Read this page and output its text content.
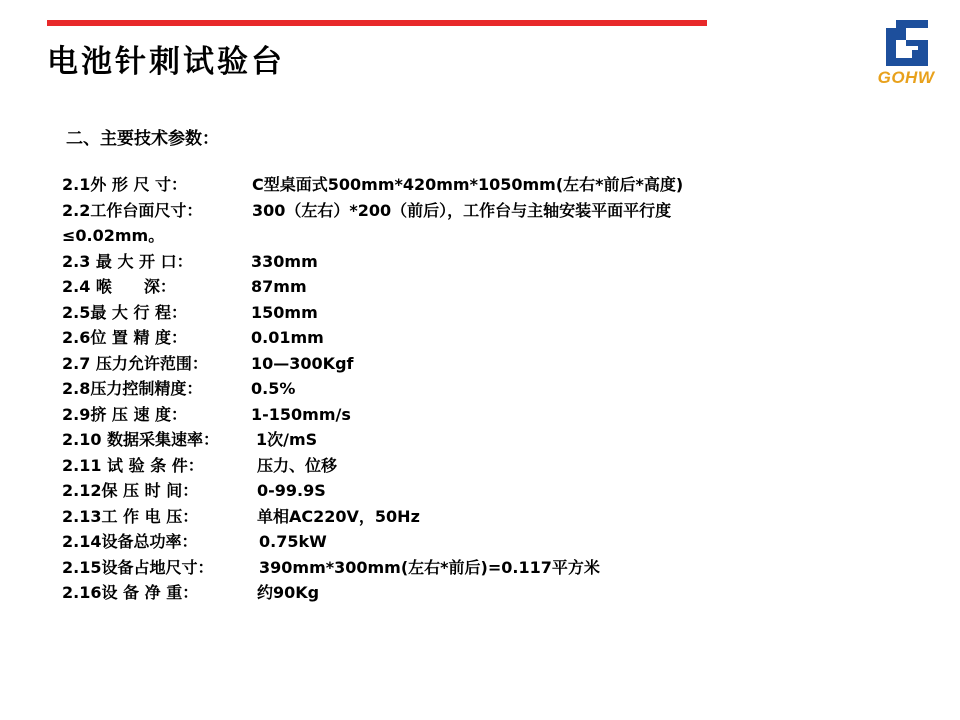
电池针刺试验台	GOHW
二、主要技术参数：
2.1外 形 尺 寸：	C型桌面式500mm*420mm*1050mm(左右*前后*高度)
2.2工作台面尺寸：	300（左右）*200（前后），工作台与主轴安装平面平行度
≤0.02mm。
2.3 最 大 开 口：	330mm
2.4 喉　　深：	87mm
2.5最 大 行 程：	150mm
2.6位 置 精 度：	0.01mm
2.7 压力允许范围：	10—300Kgf
2.8压力控制精度：	0.5%
2.9挤 压 速 度：	1-150mm/s
2.10 数据采集速率： 1次/mS
2.11 试 验 条 件：	压力、位移
2.12保 压 时 间：	0-99.9S
2.13工 作 电 压：	单相AC220V，50Hz
2.14设备总功率：	0.75kW
2.15设备占地尺寸：	390mm*300mm(左右*前后)=0.117平方米
2.16设 备 净 重：	约90Kg
